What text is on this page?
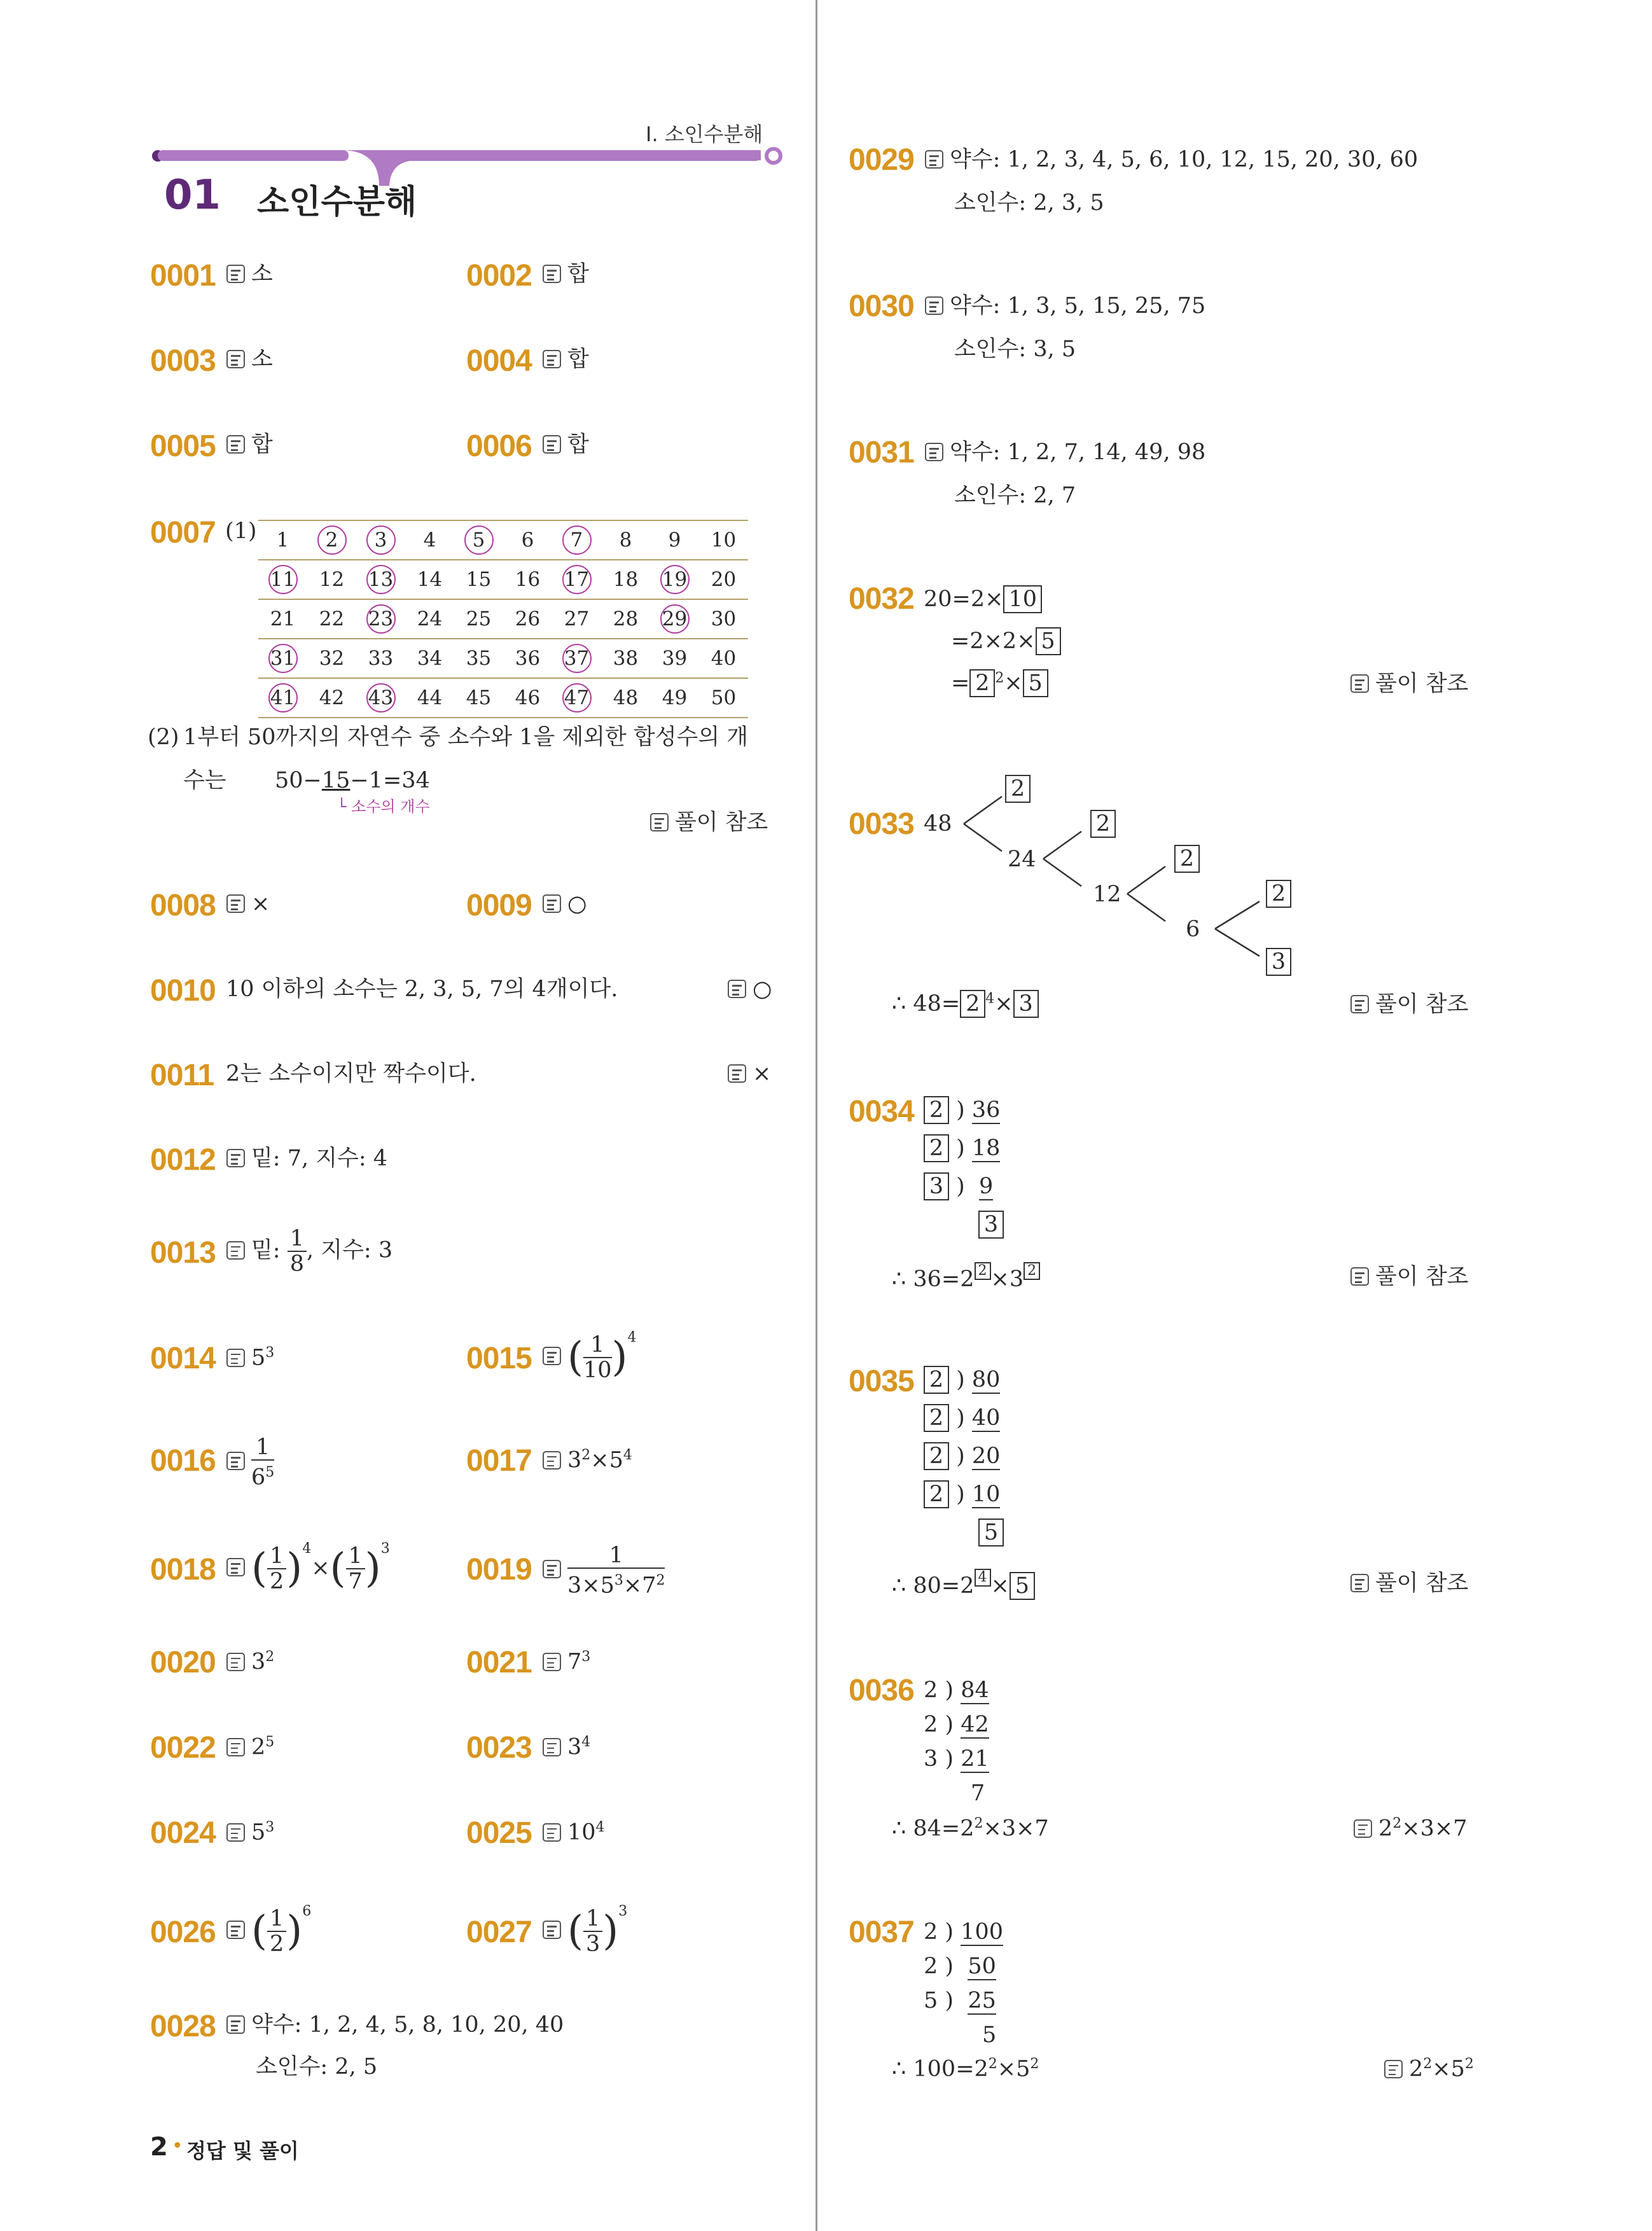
I. 소인수분해
01 소인수분해
0001	소	0002	합
0003	소	0004	합
0005	합	0006	합
0007 (1) 1	2	3	4	5	6	7	8	9	10
11	12	13	14	15	16	17	18	19	20
21	22	23	24	25	26	27	28	29	30
31	32	33	34	35	36	37	38	39	40
41	42	43	44	45	46	47	48	49	50
(2) 1부터 50까지의 자연수 중 소수와 1을 제외한 합성수의 개
수는 50−15−1=34
└ 소수의 개수
풀이 참조
0008	×	0009	○
0010 10 이하의 소수는 2, 3, 5, 7의 4개이다.	○
0011 2는 소수이지만 짝수이다.	×
0012	밑: 7, 지수: 4
0013	밑: $\frac{1}{8}$ , 지수: 3
0014	$5^3$	0015 ( $\frac{1}{10} )^4$
$0016 \frac{1}{6^5}$	0017	$3^2\times 5^4$
0018 ( $\frac{1}{2} )^4\times( \frac{1}{7} )^3$
$0019 \frac{1}{3\times 5^3\times 7^2}$
0020	$3^2$	0021	$7^3$
0022	$2^5$	0023	$3^4$
0024	$5^3$	0025	$10^4$
0026 ( $\frac{1}{2} )^6$
0027 ( $\frac{1}{3} )^3$
0028	약수: 1, 2, 4, 5, 8, 10, 20, 40
소인수: 2, 5
2 • 정답 및 풀이
0029	약수: 1, 2, 3, 4, 5, 6, 10, 12, 15, 20, 30, 60
소인수: 2, 3, 5
0030	약수: 1, 3, 5, 15, 25, 75
소인수: 3, 5
0031	약수: 1, 2, 7, 14, 49, 98
소인수: 2, 7
0032 20=2× 10
=2×2× 5
= 2 $^2$× 5	풀이 참조
0033 48
24
12
6
2
2
2
2
3
∴ 48= 2 $^4$× 3	풀이 참조
0034 2 ) 36
2 ) 18
3 )  9
3
∴ 36=2 2 ×3 2	풀이 참조
0035 2 ) 80
2 ) 40
2 ) 20
2 ) 10
5
∴ 80=2 4 × 5	풀이 참조
0036 2 ) 84
2 ) 42
3 ) 21
7
∴ $84=2^2\times 3\times 7$	$2^2\times 3\times 7$
0037 2 ) 100
2 )  50
5 )  25
5
∴ $100=2^2\times 5^2$	$2^2\times 5^2$
